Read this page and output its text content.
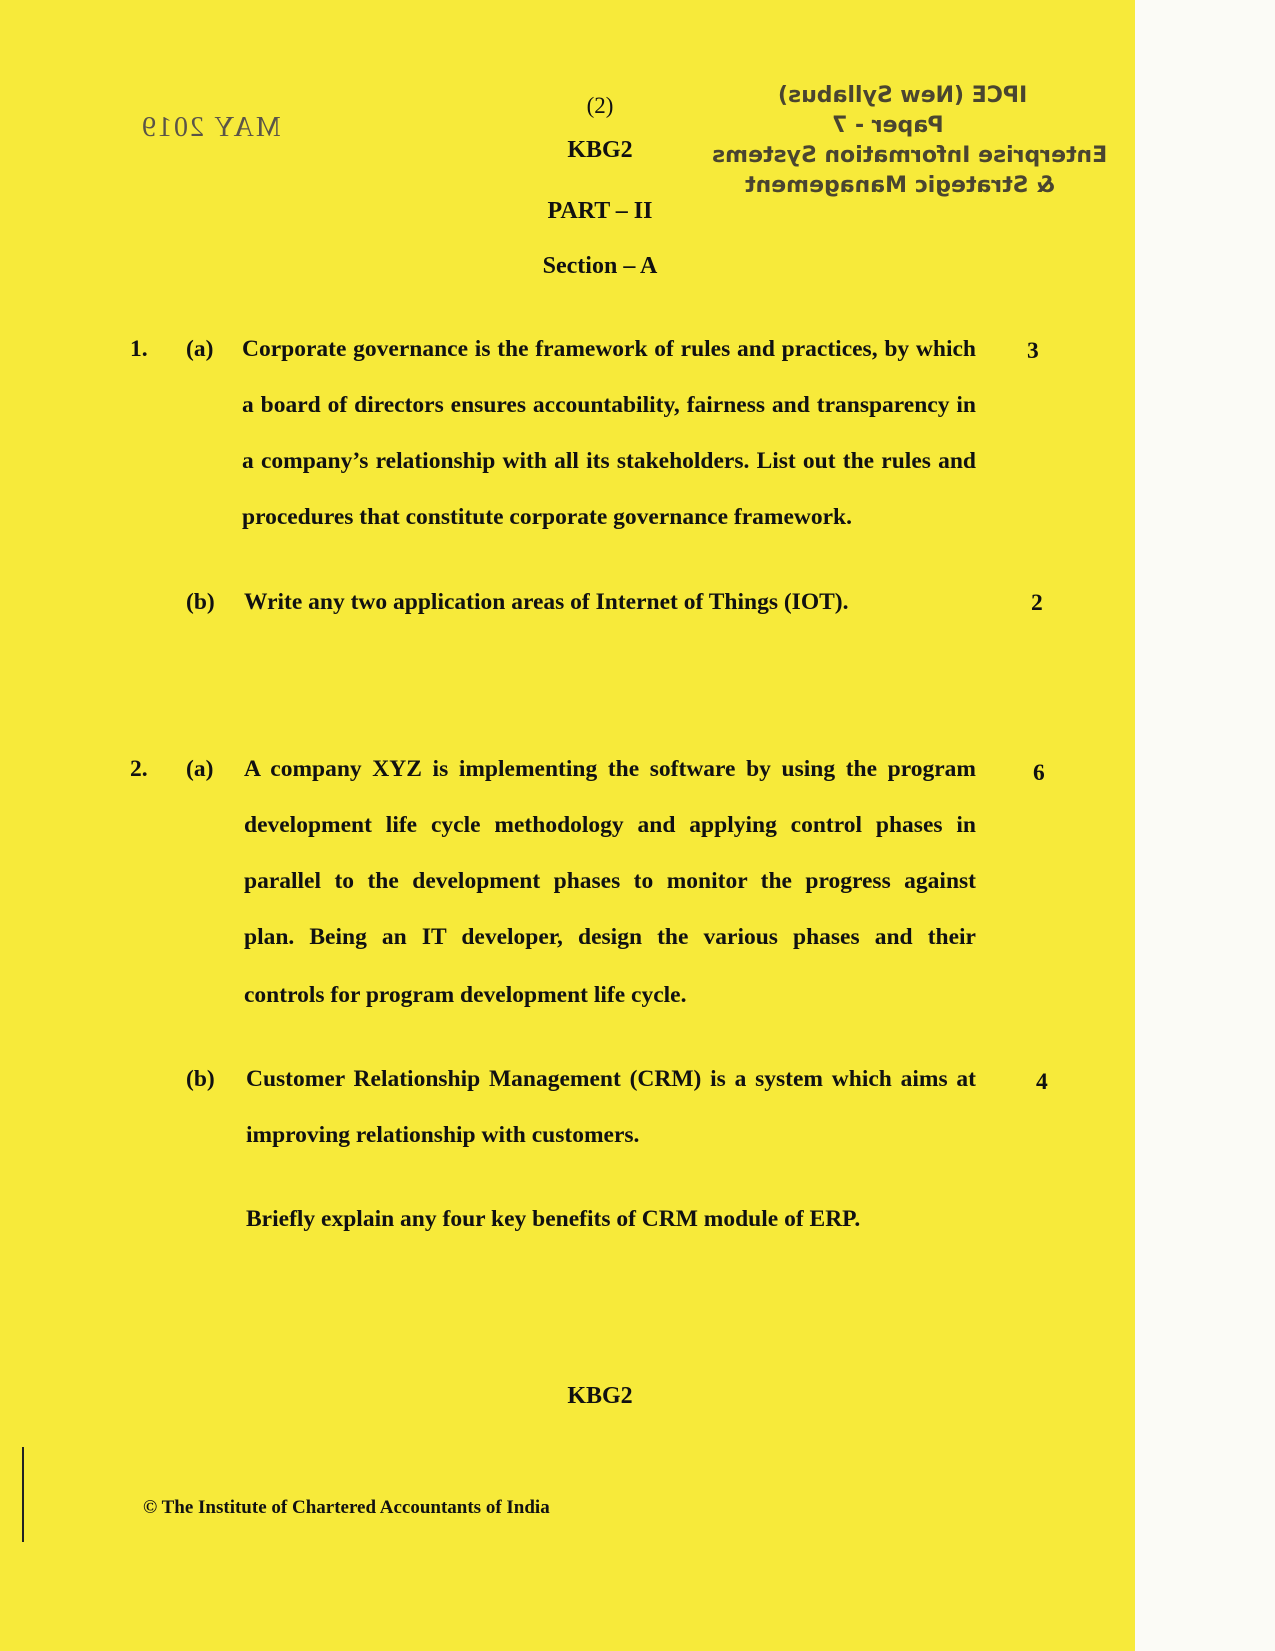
IPCE (New Syllabus)
Paper - 7
Enterprise Information Systems
& Strategic Management
MAY 2019
(2)
KBG2
PART – II
Section – A
1. (a) Corporate governance is the framework of rules and practices, by which 3
a board of directors ensures accountability, fairness and transparency in
a company’s relationship with all its stakeholders. List out the rules and
procedures that constitute corporate governance framework.
(b) Write any two application areas of Internet of Things (IOT).	2
2. (a) A company XYZ is implementing the software by using the program 6
development life cycle methodology and applying control phases in
parallel to the development phases to monitor the progress against
plan. Being an IT developer, design the various phases and their
controls for program development life cycle.
(b) Customer Relationship Management (CRM) is a system which aims at	4
improving relationship with customers.
Briefly explain any four key benefits of CRM module of ERP.
KBG2
© The Institute of Chartered Accountants of India
